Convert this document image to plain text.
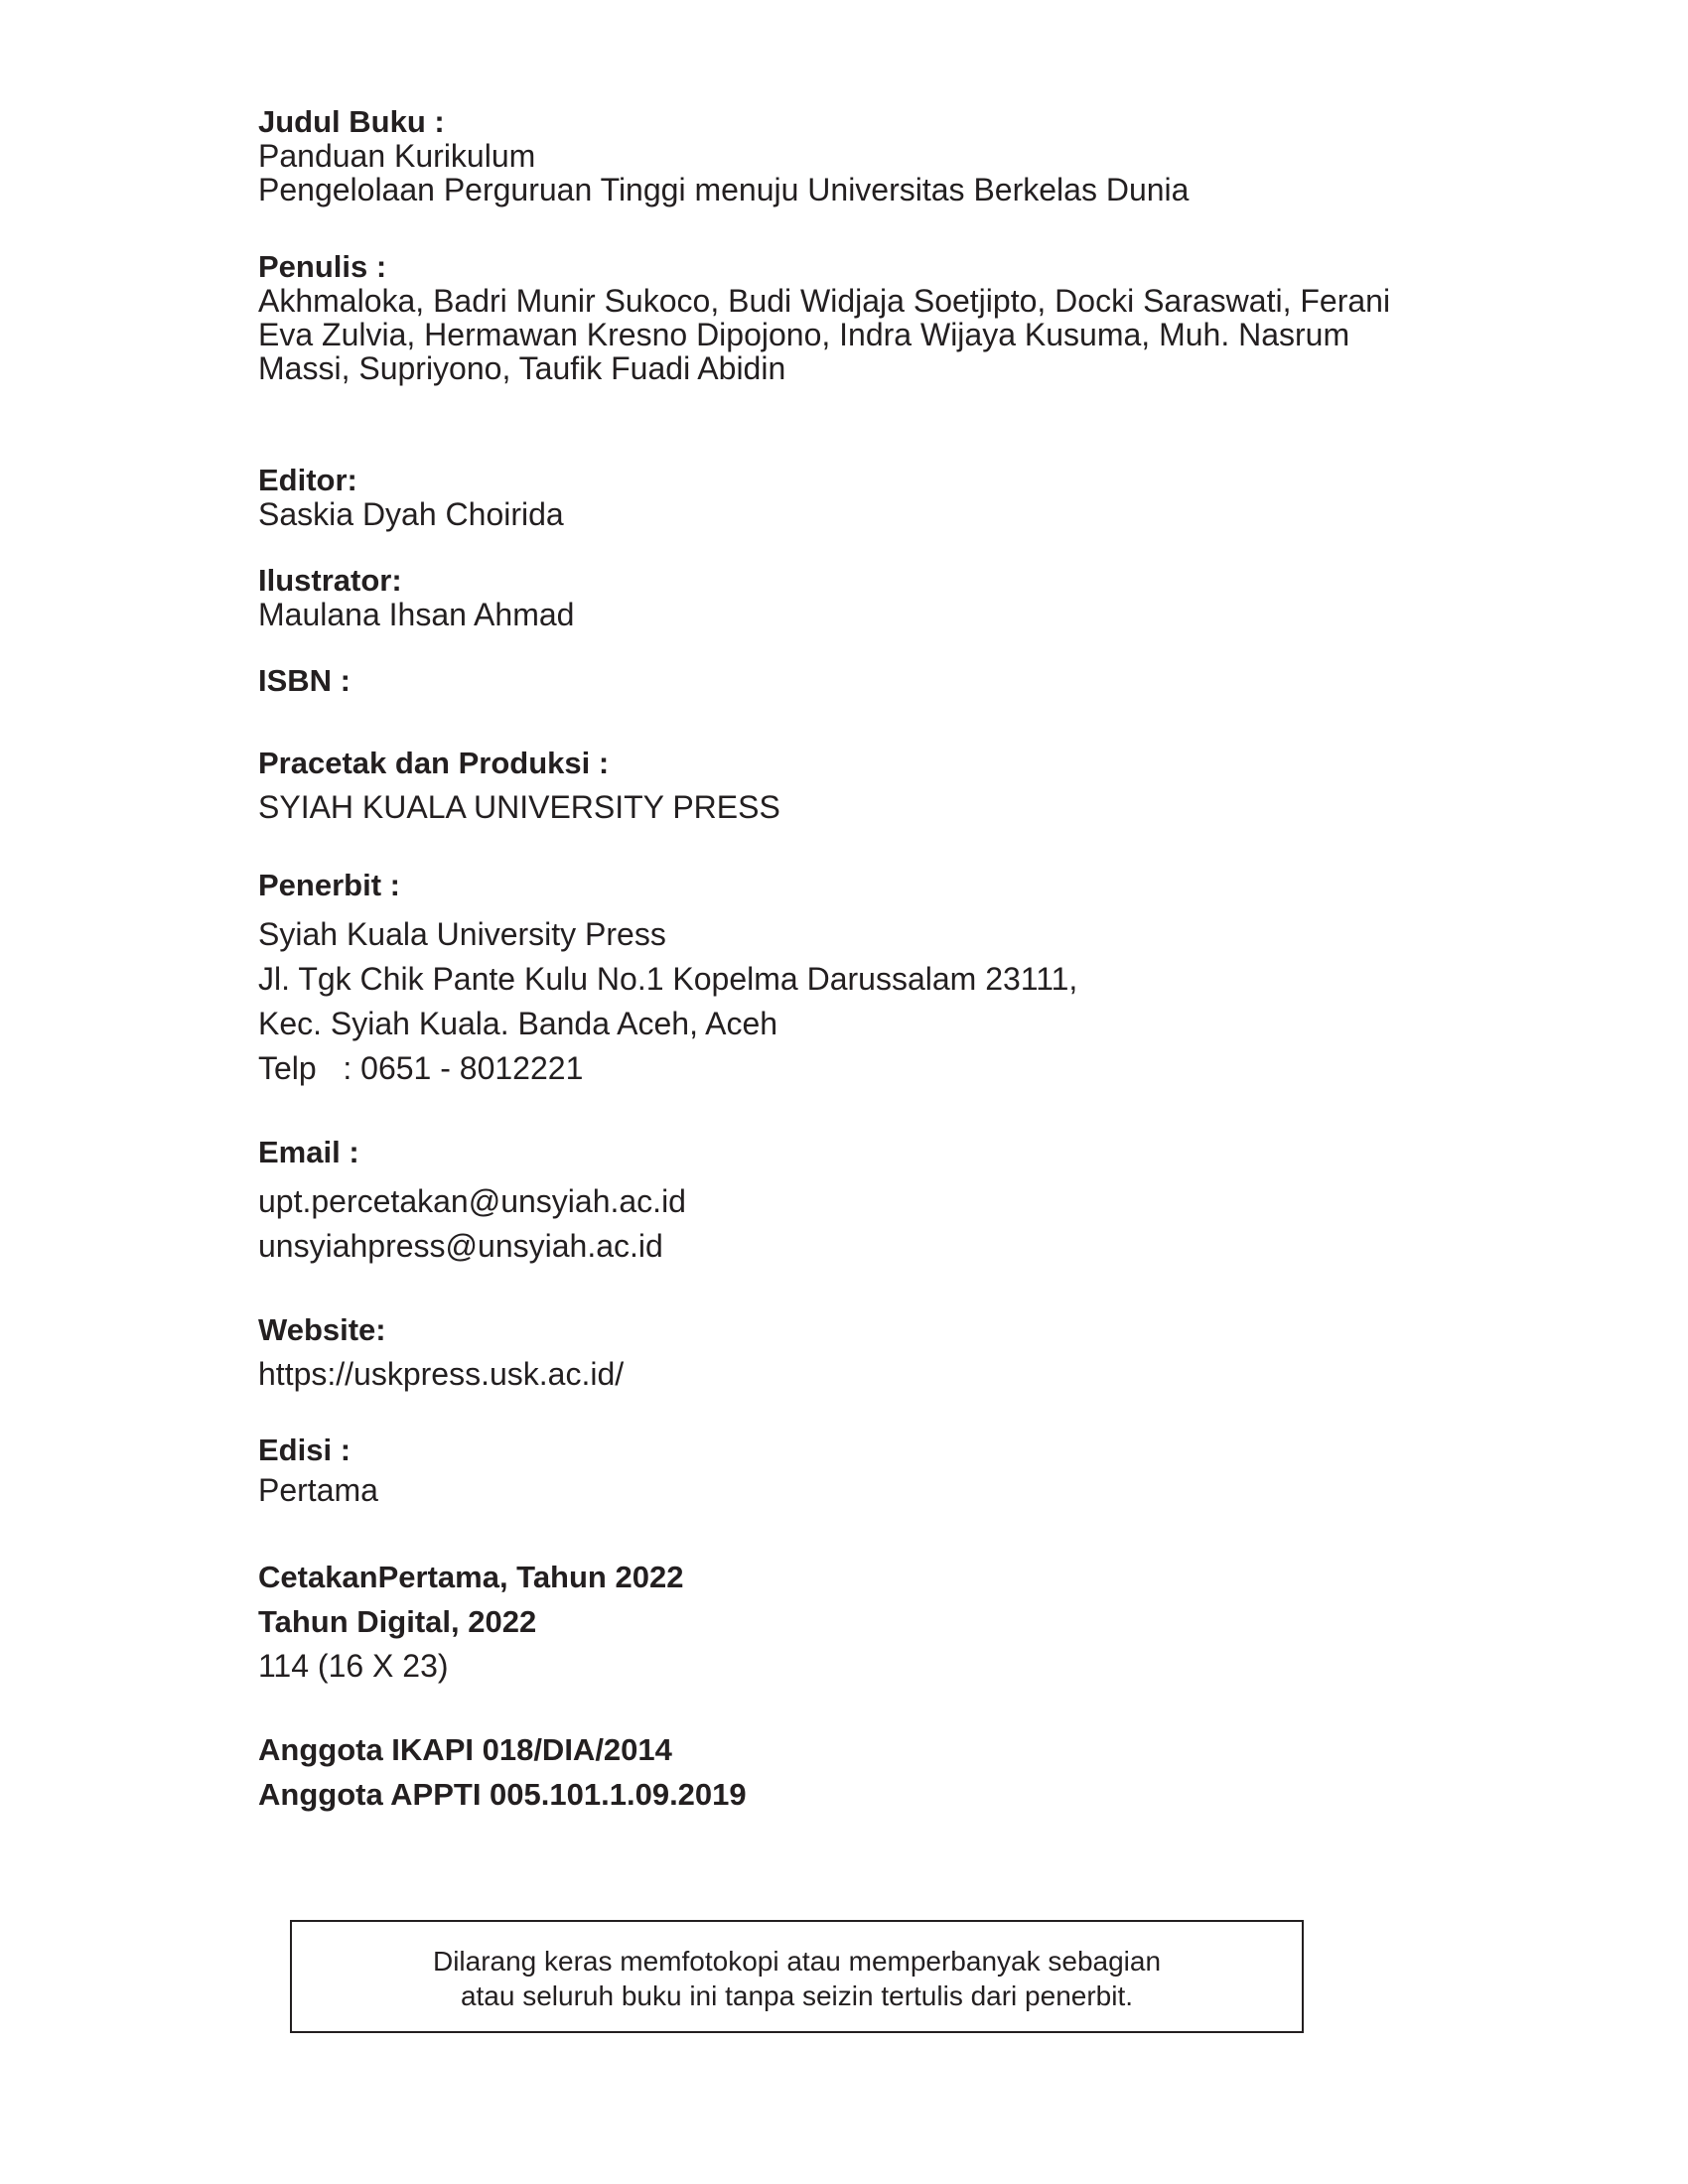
Judul Buku :
Panduan Kurikulum
Pengelolaan Perguruan Tinggi menuju Universitas Berkelas Dunia
Penulis :
Akhmaloka, Badri Munir Sukoco, Budi Widjaja Soetjipto, Docki Saraswati, Ferani
Eva Zulvia, Hermawan Kresno Dipojono, Indra Wijaya Kusuma, Muh. Nasrum
Massi, Supriyono, Taufik Fuadi Abidin
Editor:
Saskia Dyah Choirida
Ilustrator:
Maulana Ihsan Ahmad
ISBN :
Pracetak dan Produksi :
SYIAH KUALA UNIVERSITY PRESS
Penerbit :
Syiah Kuala University Press
Jl. Tgk Chik Pante Kulu No.1 Kopelma Darussalam 23111,
Kec. Syiah Kuala. Banda Aceh, Aceh
Telp   : 0651 - 8012221
Email :
upt.percetakan@unsyiah.ac.id
unsyiahpress@unsyiah.ac.id
Website:
https://uskpress.usk.ac.id/
Edisi :
Pertama
CetakanPertama, Tahun 2022
Tahun Digital, 2022
114 (16 X 23)
Anggota IKAPI 018/DIA/2014
Anggota APPTI 005.101.1.09.2019
Dilarang keras memfotokopi atau memperbanyak sebagian
atau seluruh buku ini tanpa seizin tertulis dari penerbit.
